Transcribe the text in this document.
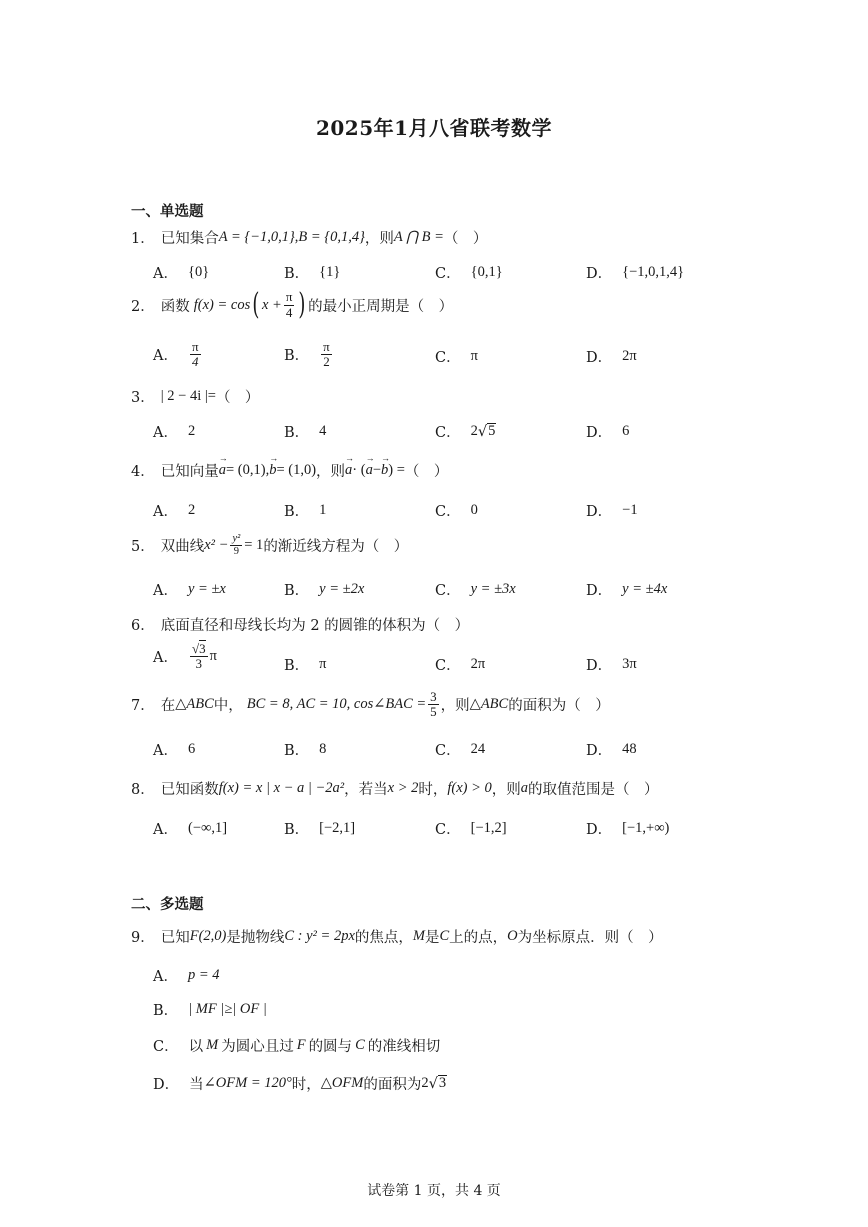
2025年1月八省联考数学
一、单选题
1． 已知集合 A = {−1,0,1} , B = {0,1,4} ，则 A ⋂ B = （　）
A． {0}	B． {1}	C． {0,1}	D． {−1,0,1,4}
2． 函数 f(x) = cos ( $x + \frac{\pi}{4}$ ) 的最小正周期是（　）
A． $\frac{\pi}{4}$	B． $\frac{\pi}{2}$	C． π	D． 2π
3． | 2 − 4i |= （　）
A． 2	B． 4	C． 2 √ 5	D． 6
4． 已知向量 → a = (0,1), → b = (1,0) ，则 → a · ( → a − → b ) = （　）
A． 2	B． 1	C． 0	D． −1
5． 双曲线 $x^2 - \frac{\text{y²}}{9} = 1$ 的渐近线方程为（　）
A． y = ±x	B． y = ±2x	C． y = ±3x	D． y = ±4x
6． 底面直径和母线长均为 2 的圆锥的体积为（　）
A． $\frac{√3}{3}$ π
B． π	C． 2π	D． 3π
7． 在 △ABC 中， BC = 8, AC = 10, cos∠BAC = $\frac{3}{5}$ ，则 △ABC 的面积为（　）
A． 6	B． 8	C． 24	D． 48
8． 已知函数 f(x) = x | x − a | −2a² ，若当 x > 2 时， f(x) > 0 ，则 a 的取值范围是（　）
A． (−∞,1]	B． [−2,1]	C． [−1,2]	D． [−1,+∞)
二、多选题
9． 已知 F(2,0) 是抛物线 C : y² = 2px 的焦点， M 是 C 上的点， O 为坐标原点．则（　）
A． p = 4
B． | MF |≥| OF |
C． 以 M 为圆心且过 F 的圆与 C 的准线相切
D． 当 ∠OFM = 120° 时， △OFM 的面积为 2 √ 3
试卷第 1 页，共 4 页
